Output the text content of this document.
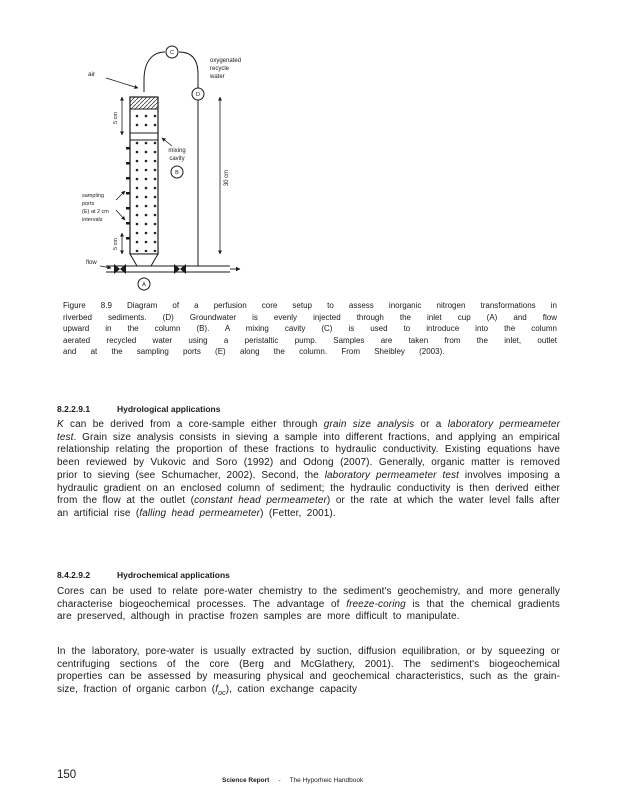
C
air
oxygenated
recycle
water
D
mixing
cavity
B
5 cm
30 cm
5 cm
sampling
ports
(E) at 2 cm
intervals
flow
A
Figure 8.9 Diagram of a perfusion core setup to assess inorganic nitrogen transformations in riverbed sediments. (D) Groundwater is evenly injected through the inlet cup (A) and flow upward in the column (B). A mixing cavity (C) is used to introduce into the column aerated recycled water using a peristaltic pump. Samples are taken from the inlet, outlet and at the sampling ports (E) along the column. From Sheibley (2003).
8.2.2.9.1	Hydrological applications
K can be derived from a core-sample either through grain size analysis or a laboratory permeameter test. Grain size analysis consists in sieving a sample into different fractions, and applying an empirical relationship relating the proportion of these fractions to hydraulic conductivity. Existing equations have been reviewed by Vukovic and Soro (1992) and Odong (2007). Generally, organic matter is removed prior to sieving (see Schumacher, 2002). Second, the laboratory permeameter test involves imposing a hydraulic gradient on an enclosed column of sediment; the hydraulic conductivity is then derived either from the flow at the outlet (constant head permeameter) or the rate at which the water level falls after an artificial rise (falling head permeameter) (Fetter, 2001).
8.4.2.9.2	Hydrochemical applications
Cores can be used to relate pore-water chemistry to the sediment's geochemistry, and more generally characterise biogeochemical processes. The advantage of freeze-coring is that the chemical gradients are preserved, although in practise frozen samples are more difficult to manipulate.
In the laboratory, pore-water is usually extracted by suction, diffusion equilibration, or by squeezing or centrifuging sections of the core (Berg and McGlathery, 2001). The sediment's biogeochemical properties can be assessed by measuring physical and geochemical characteristics, such as the grain-size, fraction of organic carbon $(f_{oc})$, cation exchange capacity
150	Science Report - The Hyporheic Handbook
